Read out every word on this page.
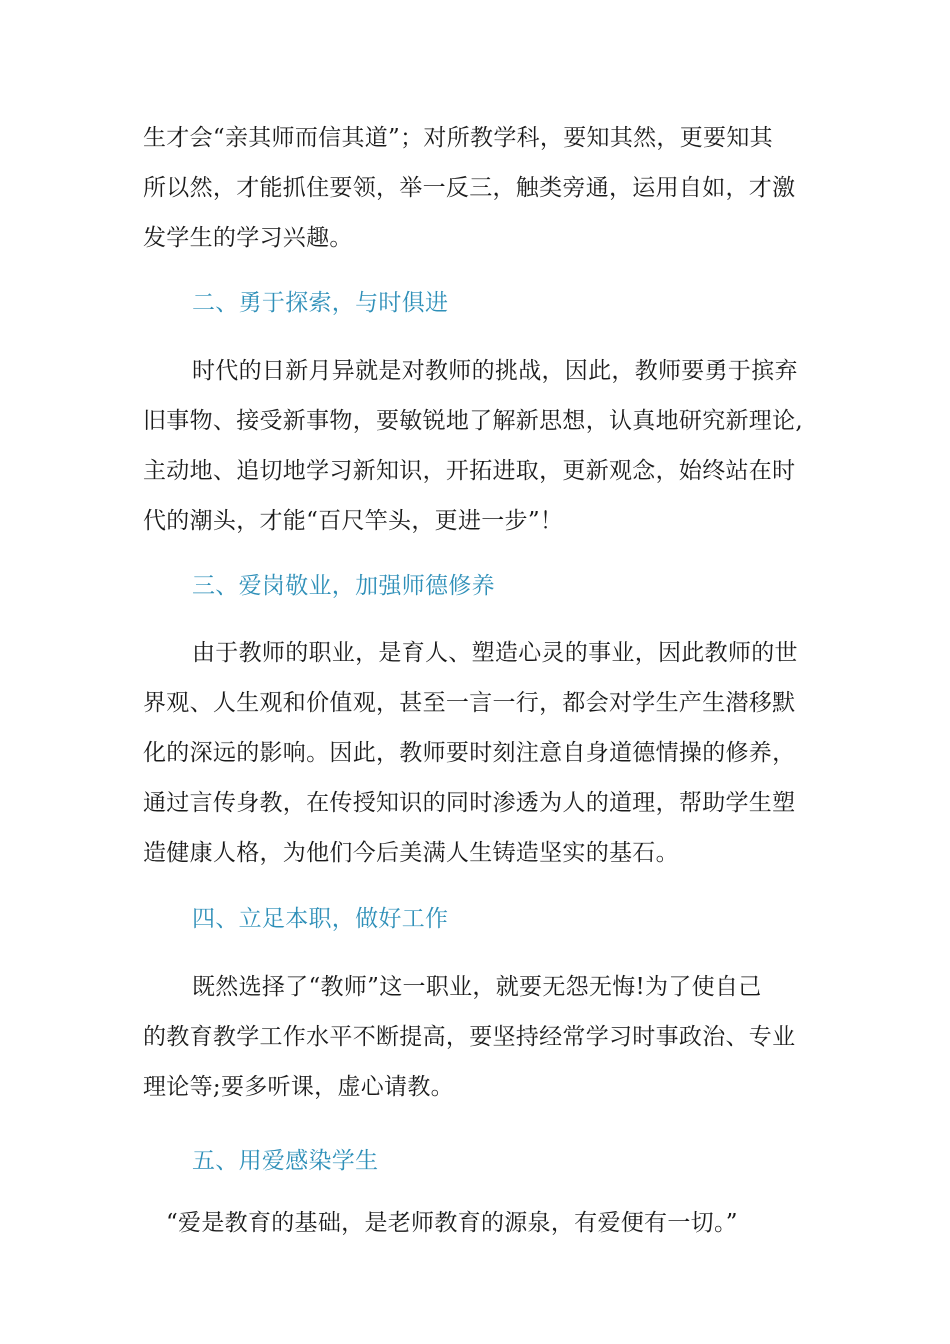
生才会“亲其师而信其道”；对所教学科，要知其然，更要知其
所以然，才能抓住要领，举一反三，触类旁通，运用自如，才激
发学生的学习兴趣。
二、勇于探索，与时俱进
时代的日新月异就是对教师的挑战，因此，教师要勇于摈弃
旧事物、接受新事物，要敏锐地了解新思想，认真地研究新理论,
主动地、追切地学习新知识，开拓进取，更新观念，始终站在时
代的潮头，才能“百尺竿头，更进一步”！
三、爱岗敬业，加强师德修养
由于教师的职业，是育人、塑造心灵的事业，因此教师的世
界观、人生观和价值观，甚至一言一行，都会对学生产生潜移默
化的深远的影响。因此，教师要时刻注意自身道德情操的修养，
通过言传身教，在传授知识的同时渗透为人的道理，帮助学生塑
造健康人格，为他们今后美满人生铸造坚实的基石。
四、立足本职，做好工作
既然选择了“教师”这一职业，就要无怨无悔!为了使自己
的教育教学工作水平不断提高，要坚持经常学习时事政治、专业
理论等;要多听课，虚心请教。
五、用爱感染学生
“爱是教育的基础，是老师教育的源泉，有爱便有一切。”
